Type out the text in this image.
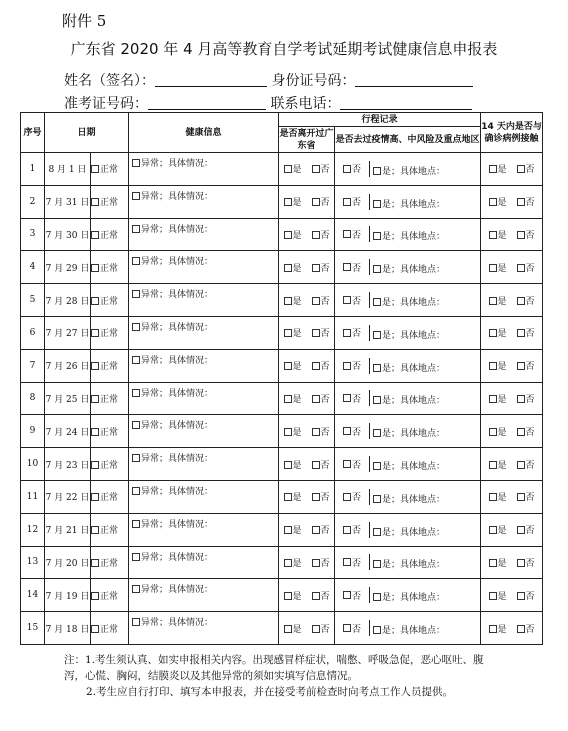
附件 5
广东省 2020 年 4 月高等教育自学考试延期考试健康信息申报表
姓名（签名）：	身份证号码：
准考证号码：	联系电话：
序号	日期		健康信息	行程记录		14 天内是否与确诊病例接触
				是否离开过广东省	是否去过疫情高、中风险及重点地区	
1	8 月 1 日	正常	异常；具体情况：	是 否	否 是；具体地点：	是 否
2	7 月 31 日	正常	异常；具体情况：	是 否	否 是；具体地点：	是 否
3	7 月 30 日	正常	异常；具体情况：	是 否	否 是；具体地点：	是 否
4	7 月 29 日	正常	异常；具体情况：	是 否	否 是；具体地点：	是 否
5	7 月 28 日	正常	异常；具体情况：	是 否	否 是；具体地点：	是 否
6	7 月 27 日	正常	异常；具体情况：	是 否	否 是；具体地点：	是 否
7	7 月 26 日	正常	异常；具体情况：	是 否	否 是；具体地点：	是 否
8	7 月 25 日	正常	异常；具体情况：	是 否	否 是；具体地点：	是 否
9	7 月 24 日	正常	异常；具体情况：	是 否	否 是；具体地点：	是 否
10	7 月 23 日	正常	异常；具体情况：	是 否	否 是；具体地点：	是 否
11	7 月 22 日	正常	异常；具体情况：	是 否	否 是；具体地点：	是 否
12	7 月 21 日	正常	异常；具体情况：	是 否	否 是；具体地点：	是 否
13	7 月 20 日	正常	异常；具体情况：	是 否	否 是；具体地点：	是 否
14	7 月 19 日	正常	异常；具体情况：	是 否	否 是；具体地点：	是 否
15	7 月 18 日	正常	异常；具体情况：	是 否	否 是；具体地点：	是 否

注：1.考生须认真、如实申报相关内容。出现感冒样症状，喘憋、呼吸急促，恶心呕吐、腹泻，心慌、胸闷，结膜炎以及其他异常的须如实填写信息情况。

2.考生应自行打印、填写本申报表，并在接受考前检查时向考点工作人员提供。
